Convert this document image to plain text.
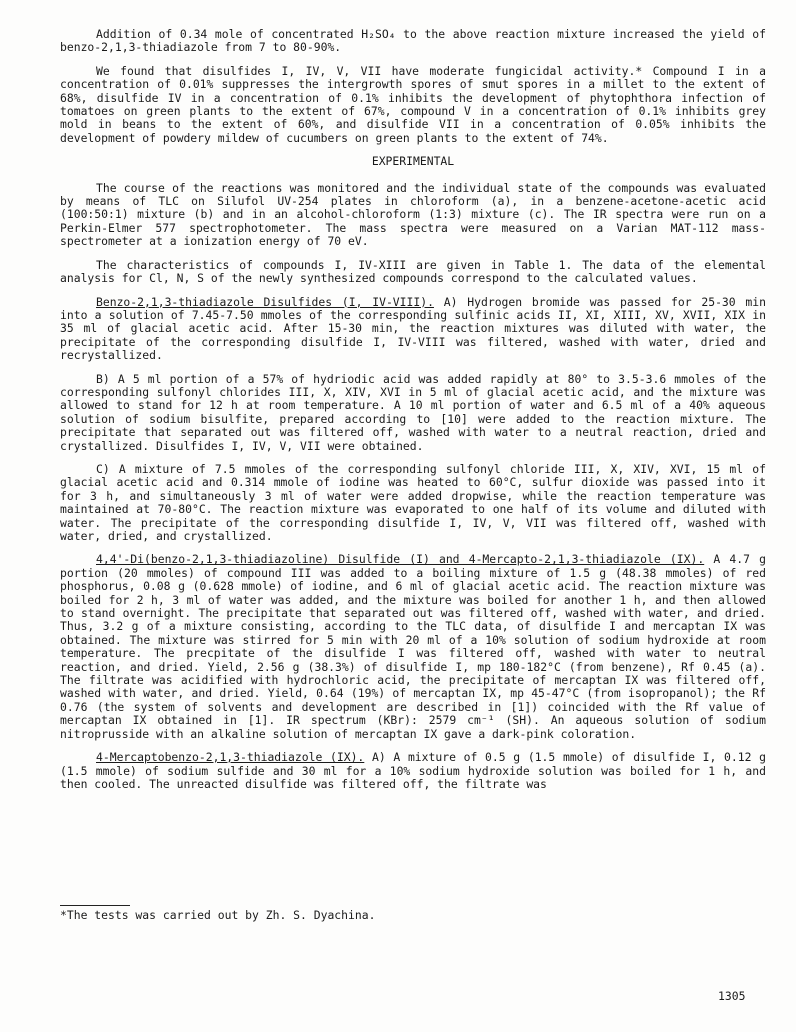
Addition of 0.34 mole of concentrated H₂SO₄ to the above reaction mixture increased the yield of benzo-2,1,3-thiadiazole from 7 to 80-90%.

We found that disulfides I, IV, V, VII have moderate fungicidal activity.* Compound I in a concentration of 0.01% suppresses the intergrowth spores of smut spores in a millet to the extent of 68%, disulfide IV in a concentration of 0.1% inhibits the development of phytophthora infection of tomatoes on green plants to the extent of 67%, compound V in a concentration of 0.1% inhibits grey mold in beans to the extent of 60%, and disulfide VII in a concentration of 0.05% inhibits the development of powdery mildew of cucumbers on green plants to the extent of 74%.

EXPERIMENTAL

The course of the reactions was monitored and the individual state of the compounds was evaluated by means of TLC on Silufol UV-254 plates in chloroform (a), in a benzene-acetone-acetic acid (100:50:1) mixture (b) and in an alcohol-chloroform (1:3) mixture (c). The IR spectra were run on a Perkin-Elmer 577 spectrophotometer. The mass spectra were measured on a Varian MAT-112 mass-spectrometer at a ionization energy of 70 eV.

The characteristics of compounds I, IV-XIII are given in Table 1. The data of the elemental analysis for Cl, N, S of the newly synthesized compounds correspond to the calculated values.

Benzo-2,1,3-thiadiazole Disulfides (I, IV-VIII). A) Hydrogen bromide was passed for 25-30 min into a solution of 7.45-7.50 mmoles of the corresponding sulfinic acids II, XI, XIII, XV, XVII, XIX in 35 ml of glacial acetic acid. After 15-30 min, the reaction mixtures was diluted with water, the precipitate of the corresponding disulfide I, IV-VIII was filtered, washed with water, dried and recrystallized.

B) A 5 ml portion of a 57% of hydriodic acid was added rapidly at 80° to 3.5-3.6 mmoles of the corresponding sulfonyl chlorides III, X, XIV, XVI in 5 ml of glacial acetic acid, and the mixture was allowed to stand for 12 h at room temperature. A 10 ml portion of water and 6.5 ml of a 40% aqueous solution of sodium bisulfite, prepared according to [10] were added to the reaction mixture. The precipitate that separated out was filtered off, washed with water to a neutral reaction, dried and crystallized. Disulfides I, IV, V, VII were obtained.

C) A mixture of 7.5 mmoles of the corresponding sulfonyl chloride III, X, XIV, XVI, 15 ml of glacial acetic acid and 0.314 mmole of iodine was heated to 60°C, sulfur dioxide was passed into it for 3 h, and simultaneously 3 ml of water were added dropwise, while the reaction temperature was maintained at 70-80°C. The reaction mixture was evaporated to one half of its volume and diluted with water. The precipitate of the corresponding disulfide I, IV, V, VII was filtered off, washed with water, dried, and crystallized.

4,4'-Di(benzo-2,1,3-thiadiazoline) Disulfide (I) and 4-Mercapto-2,1,3-thiadiazole (IX). A 4.7 g portion (20 mmoles) of compound III was added to a boiling mixture of 1.5 g (48.38 mmoles) of red phosphorus, 0.08 g (0.628 mmole) of iodine, and 6 ml of glacial acetic acid. The reaction mixture was boiled for 2 h, 3 ml of water was added, and the mixture was boiled for another 1 h, and then allowed to stand overnight. The precipitate that separated out was filtered off, washed with water, and dried. Thus, 3.2 g of a mixture consisting, according to the TLC data, of disulfide I and mercaptan IX was obtained. The mixture was stirred for 5 min with 20 ml of a 10% solution of sodium hydroxide at room temperature. The precpitate of the disulfide I was filtered off, washed with water to neutral reaction, and dried. Yield, 2.56 g (38.3%) of disulfide I, mp 180-182°C (from benzene), Rf 0.45 (a). The filtrate was acidified with hydrochloric acid, the precipitate of mercaptan IX was filtered off, washed with water, and dried. Yield, 0.64 (19%) of mercaptan IX, mp 45-47°C (from isopropanol); the Rf 0.76 (the system of solvents and development are described in [1]) coincided with the Rf value of mercaptan IX obtained in [1]. IR spectrum (KBr): 2579 cm⁻¹ (SH). An aqueous solution of sodium nitroprusside with an alkaline solution of mercaptan IX gave a dark-pink coloration.

4-Mercaptobenzo-2,1,3-thiadiazole (IX). A) A mixture of 0.5 g (1.5 mmole) of disulfide I, 0.12 g (1.5 mmole) of sodium sulfide and 30 ml for a 10% sodium hydroxide solution was boiled for 1 h, and then cooled. The unreacted disulfide was filtered off, the filtrate was

*The tests was carried out by Zh. S. Dyachina.
1305
